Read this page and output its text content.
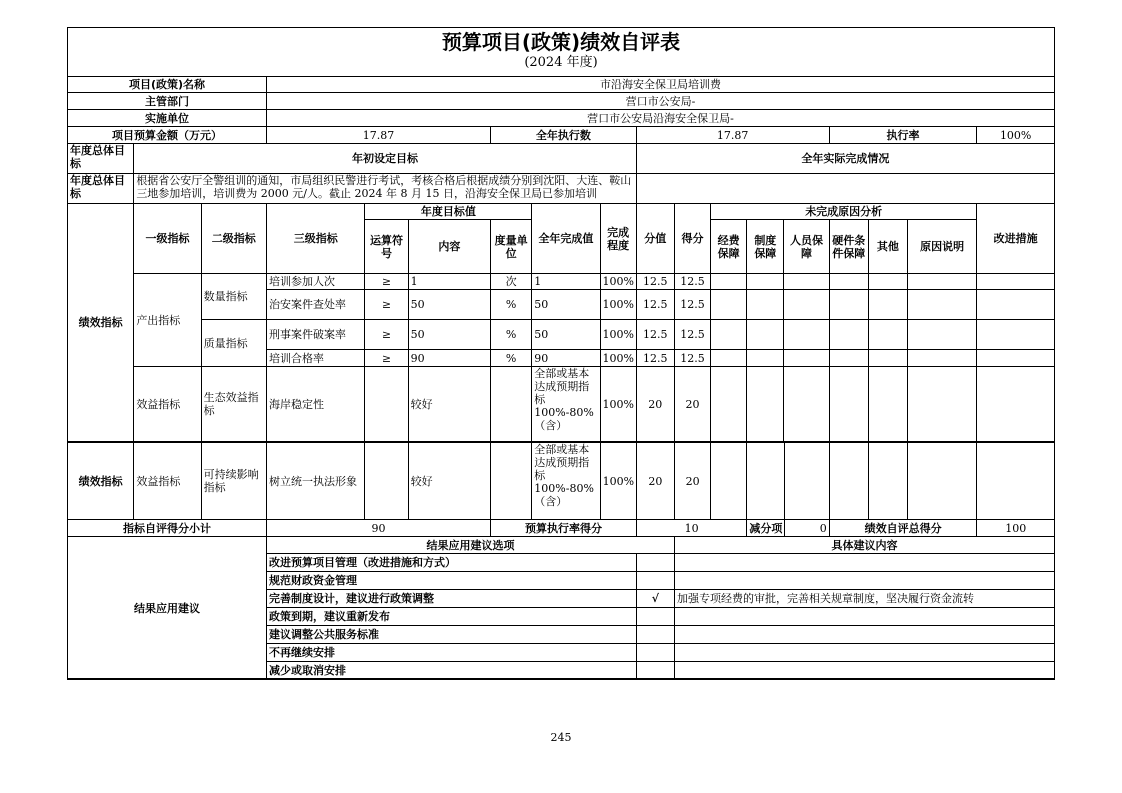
预算项目(政策)绩效自评表
(2024 年度)
项目(政策)名称			市沿海安全保卫局培训费														
主管部门			营口市公安局-														
实施单位			营口市公安局沿海安全保卫局-														
项目预算金额（万元）			17.87			全年执行数			17.87					执行率			100%
年度总体目标	年初设定目标								全年实际完成情况								
年度总体目标	根据省公安厅全警组训的通知，市局组织民警进行考试，考核合格后根据成绩分别到沈阳、大连、鞍山三地参加培训，培训费为 2000 元/人。截止 2024 年 8 月 15 日，沿海安全保卫局已参加培训																
绩效指标	一级指标	二级指标	三级指标	年度目标值			全年完成值	完成程度	分值	得分	未完成原因分析						改进措施
				运算符号	内容	度量单位					经费保障	制度保障	人员保障	硬件条件保障	其他	原因说明	
	产出指标	数量指标	培训参加人次	≥	1	次	1	100%	12.5	12.5							
			治安案件查处率	≥	50	%	50	100%	12.5	12.5							
		质量指标	刑事案件破案率	≥	50	%	50	100%	12.5	12.5							
			培训合格率	≥	90	%	90	100%	12.5	12.5							
	效益指标	生态效益指标	海岸稳定性		较好		全部或基本达成预期指标100%-80%（含）	100%	20	20							
绩效指标	效益指标	可持续影响指标	树立统一执法形象		较好		全部或基本达成预期指标100%-80%（含）	100%	20	20							
指标自评得分小计			90			预算执行率得分			10			减分项	0	绩效自评总得分			100
结果应用建议			结果应用建议选项							具体建议内容							
			改进预算项目管理（改进措施和方式）														
			规范财政资金管理														
			完善制度设计，建议进行政策调整						√	加强专项经费的审批，完善相关规章制度，坚决履行资金流转							
			政策到期，建议重新发布														
			建议调整公共服务标准														
			不再继续安排														
			减少或取消安排														
245
